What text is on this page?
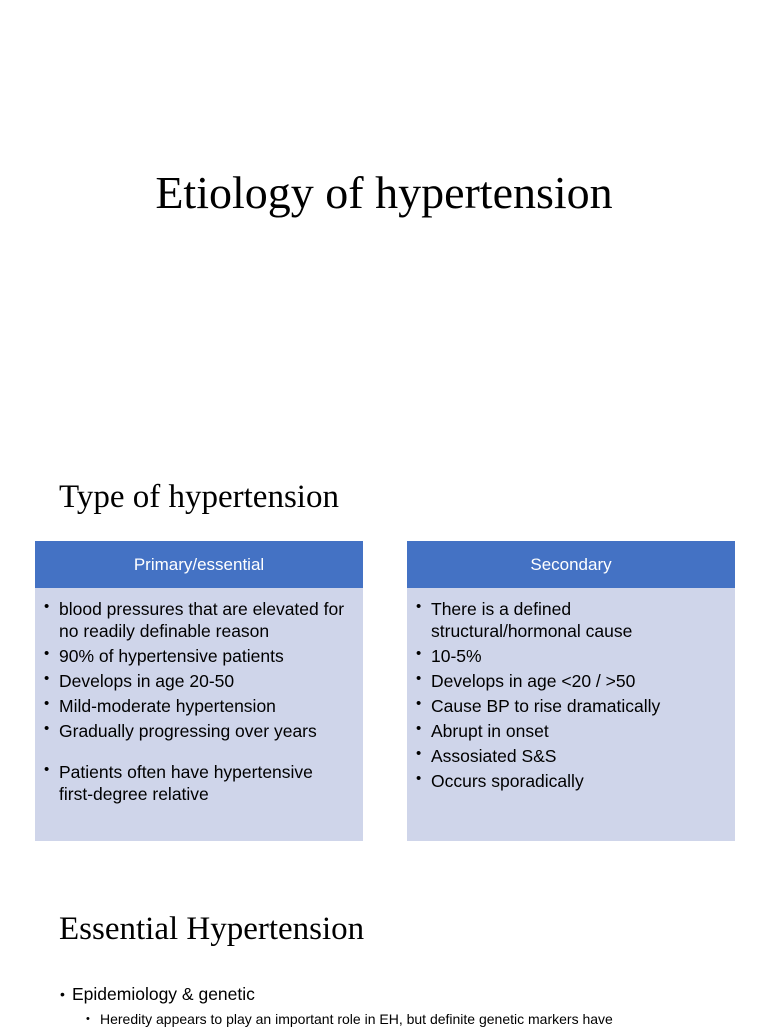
Etiology of hypertension
Type of hypertension
Primary/essential
• blood pressures that are elevated for no readily definable reason
• 90% of hypertensive patients
• Develops in age 20-50
• Mild-moderate hypertension
• Gradually progressing over years
• Patients often have hypertensive first-degree relative
Secondary
• There is a defined structural/hormonal cause
• 10-5%
• Develops in age <20 / >50
• Cause BP to rise dramatically
• Abrupt in onset
• Assosiated S&S
• Occurs sporadically
Essential Hypertension
• Epidemiology & genetic
• Heredity appears to play an important role in EH, but definite genetic markers have
